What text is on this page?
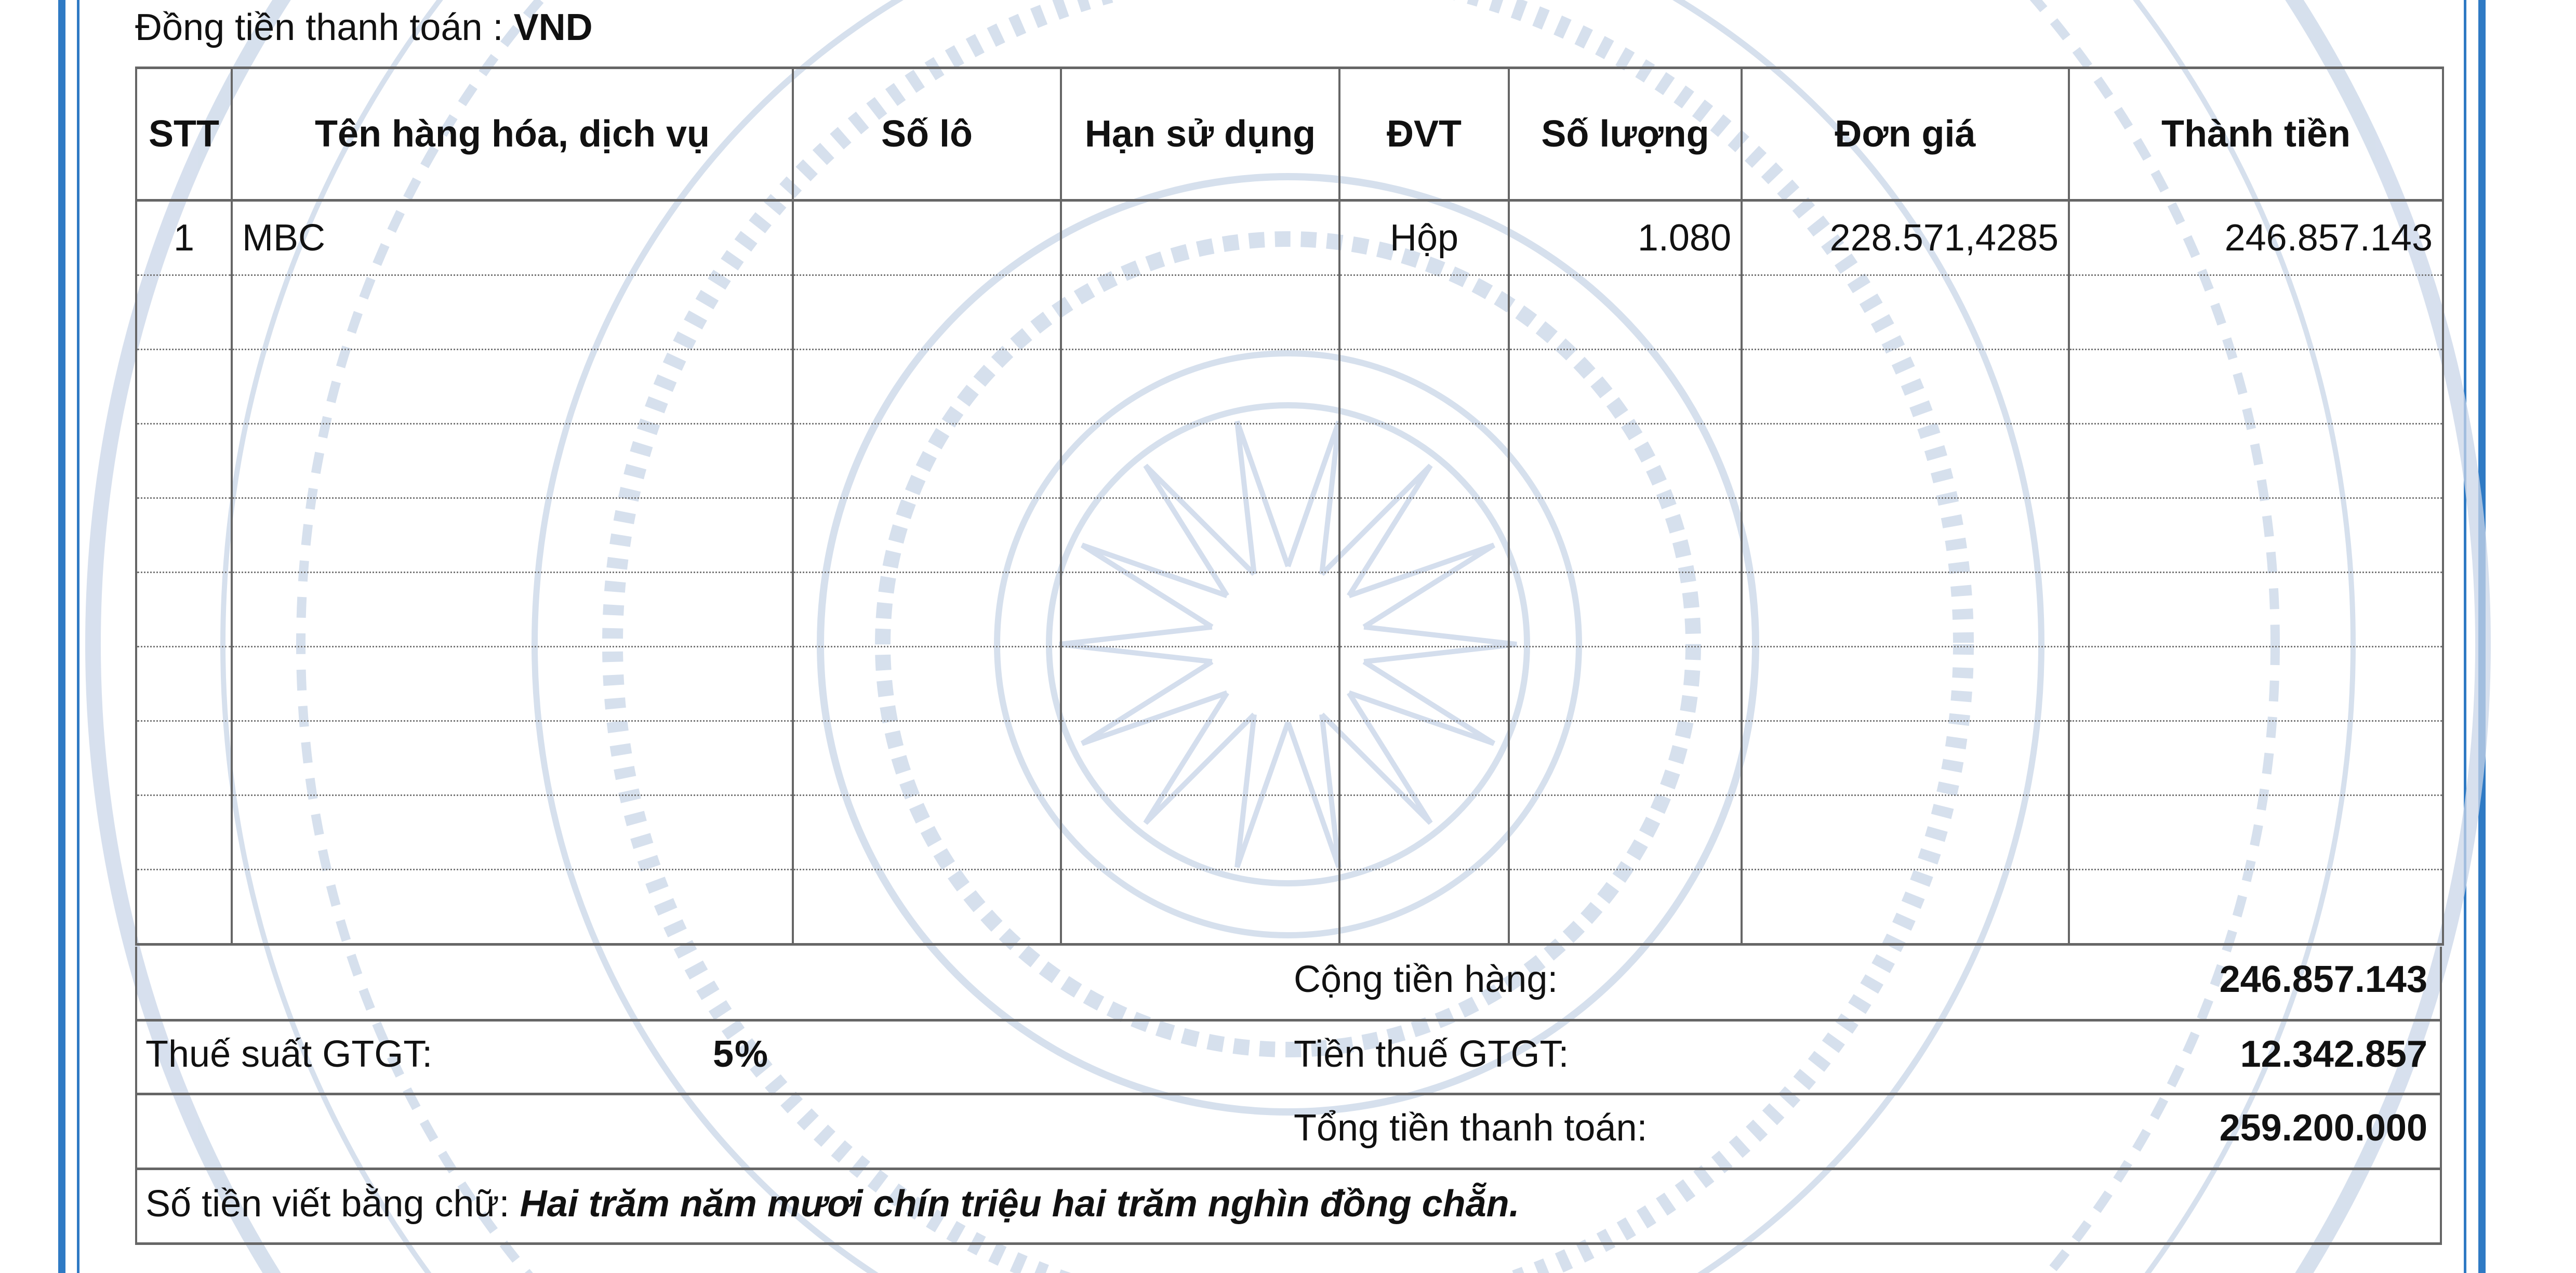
Đồng tiền thanh toán : VND
STT	Tên hàng hóa, dịch vụ	Số lô	Hạn sử dụng	ĐVT	Số lượng	Đơn giá	Thành tiền
1	MBC			Hộp	1.080	228.571,4285	246.857.143

Cộng tiền hàng:	246.857.143
Thuế suất GTGT:	5%	Tiền thuế GTGT:	12.342.857
Tổng tiền thanh toán:	259.200.000
Số tiền viết bằng chữ: Hai trăm năm mươi chín triệu hai trăm nghìn đồng chẵn.
